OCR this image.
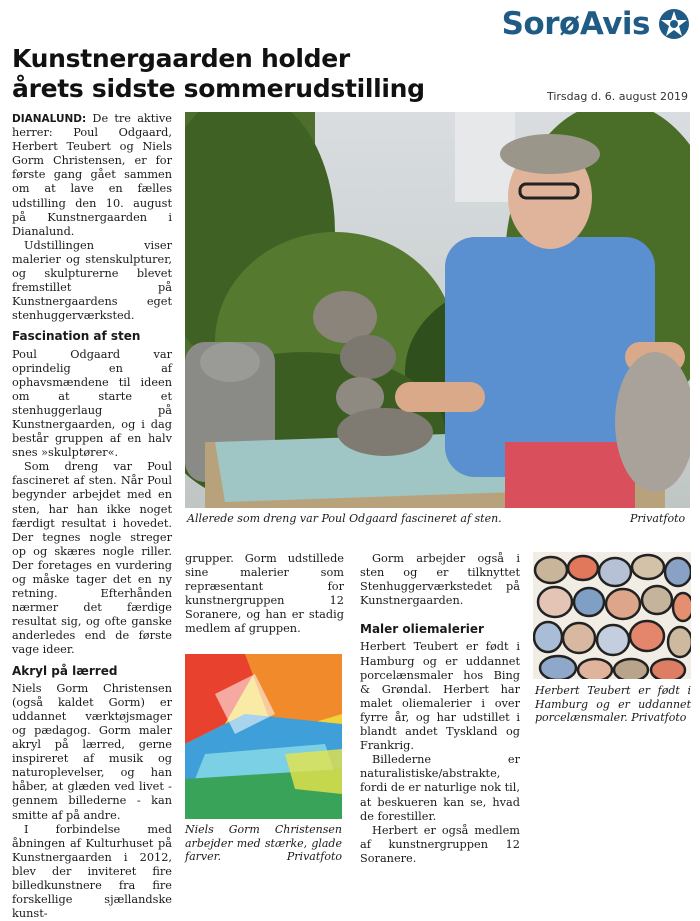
SorøAvis
Kunstnergaarden holder
årets sidste sommerudstilling	Tirsdag d. 6. august 2019

DIANALUND: De tre aktive herrer: Poul Odgaard, Herbert Teubert og Niels Gorm Christensen, er for første gang gået sammen om at lave en fælles udstilling den 10. august på Kunstnergaarden i Dianalund.

Udstillingen viser malerier og stenskulpturer, og skulpturerne blevet fremstillet på Kunstnergaardens eget stenhuggerværksted.

Fascination af sten

Poul Odgaard var oprindelig en af ophavsmændene til ideen om at starte et stenhuggerlaug på Kunstnergaarden, og i dag består gruppen af en halv snes »skulptører«.

Som dreng var Poul fascineret af sten. Når Poul begynder arbejdet med en sten, har han ikke noget færdigt resultat i hovedet. Der tegnes nogle streger op og skæres nogle riller. Der foretages en vurdering og måske tager det en ny retning. Efterhånden nærmer det færdige resultat sig, og ofte ganske anderledes end de første vage ideer.

Akryl på lærred

Niels Gorm Christensen (også kaldet Gorm) er uddannet værktøjsmager og pædagog. Gorm maler akryl på lærred, gerne inspireret af musik og naturoplevelser, og han håber, at glæden ved livet - gennem billederne - kan smitte af på andre.

I forbindelse med åbningen af Kulturhuset på Kunstnergaarden i 2012, blev der inviteret fire billedkunstnere fra fire forskellige sjællandske kunst-

Allerede som dreng var Poul Odgaard fascineret af sten.	Privatfoto

grupper. Gorm udstillede sine malerier som repræsentant for kunstnergruppen 12 Soranere, og han er stadig medlem af gruppen.

Niels Gorm Christensen arbejder med stærke, glade farver.	Privatfoto

Gorm arbejder også i sten og er tilknyttet Stenhuggerværkstedet på Kunstnergaarden.

Maler oliemalerier

Herbert Teubert er født i Hamburg og er uddannet porcelænsmaler hos Bing & Grøndal. Herbert har malet oliemalerier i over fyrre år, og har udstillet i blandt andet Tyskland og Frankrig.

Billederne er naturalistiske/abstrakte, fordi de er naturlige nok til, at beskueren kan se, hvad de forestiller.

Herbert er også medlem af kunstnergruppen 12 Soranere.

Herbert Teubert er født i Hamburg og er uddannet porcelænsmaler. Privatfoto
